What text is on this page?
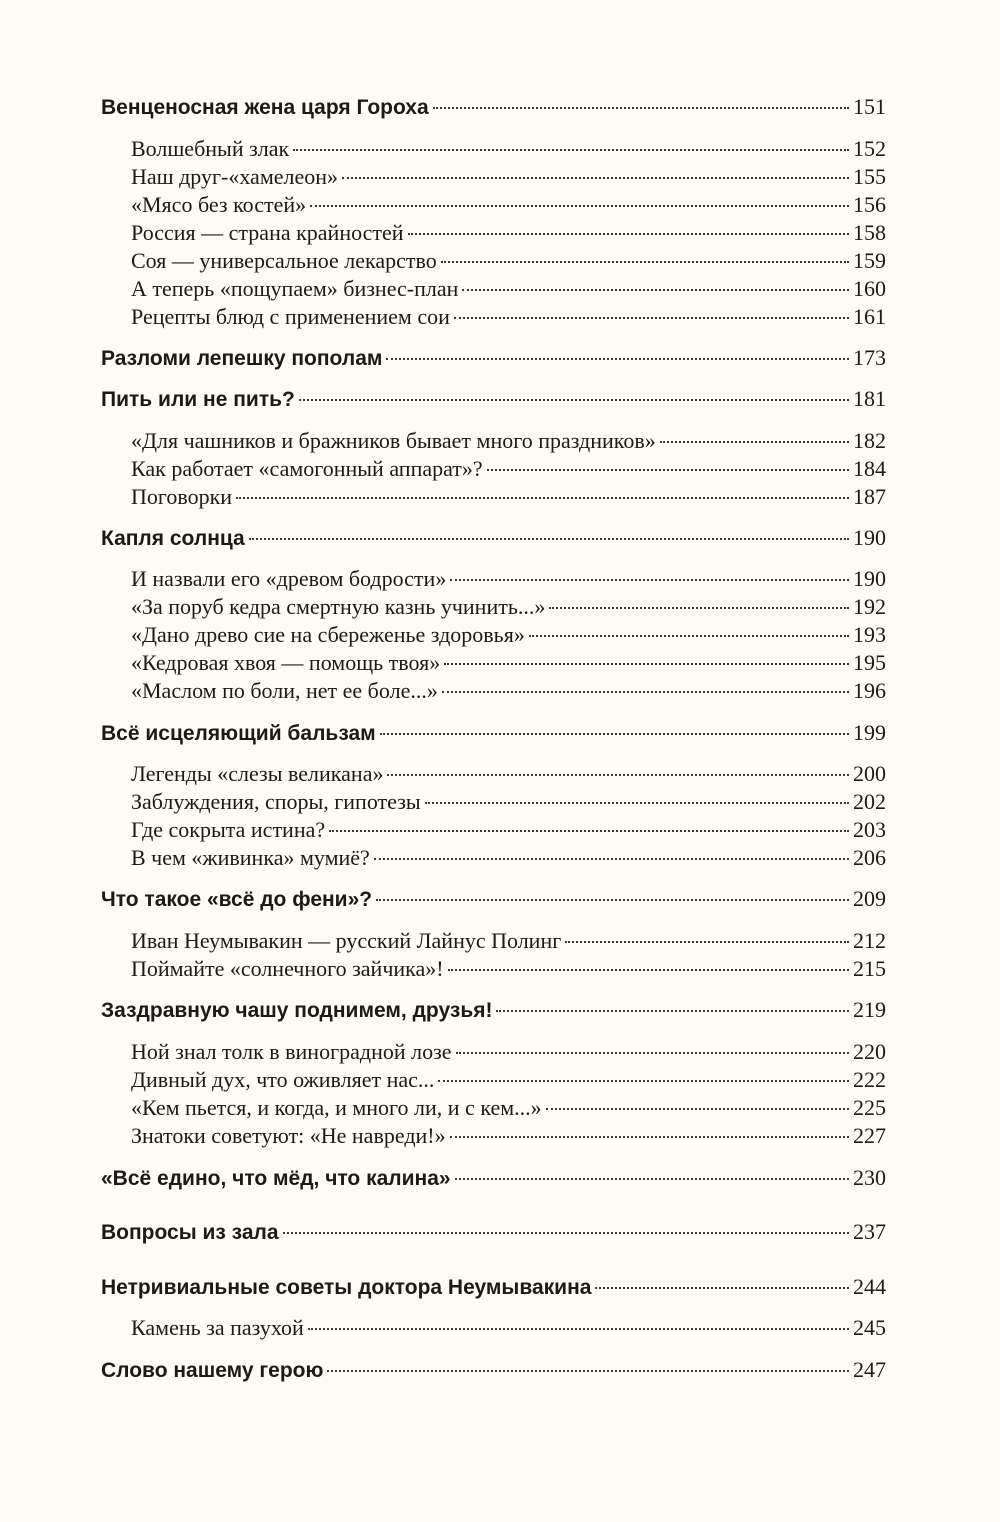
Венценосная жена царя Гороха	151
Волшебный злак	152
Наш друг-«хамелеон»	155
«Мясо без костей»	156
Россия — страна крайностей	158
Соя — универсальное лекарство	159
А теперь «пощупаем» бизнес-план	160
Рецепты блюд с применением сои	161
Разломи лепешку пополам	173
Пить или не пить?	181
«Для чашников и бражников бывает много праздников»	182
Как работает «самогонный аппарат»?	184
Поговорки	187
Капля солнца	190
И назвали его «древом бодрости»	190
«За поруб кедра смертную казнь учинить...»	192
«Дано древо сие на сбереженье здоровья»	193
«Кедровая хвоя — помощь твоя»	195
«Маслом по боли, нет ее боле...»	196
Всё исцеляющий бальзам	199
Легенды «слезы великана»	200
Заблуждения, споры, гипотезы	202
Где сокрыта истина?	203
В чем «живинка» мумиё?	206
Что такое «всё до фени»?	209
Иван Неумывакин — русский Лайнус Полинг	212
Поймайте «солнечного зайчика»!	215
Заздравную чашу поднимем, друзья!	219
Ной знал толк в виноградной лозе	220
Дивный дух, что оживляет нас...	222
«Кем пьется, и когда, и много ли, и с кем...»	225
Знатоки советуют: «Не навреди!»	227
«Всё едино, что мёд, что калина»	230
Вопросы из зала	237
Нетривиальные советы доктора Неумывакина	244
Камень за пазухой	245
Слово нашему герою	247
